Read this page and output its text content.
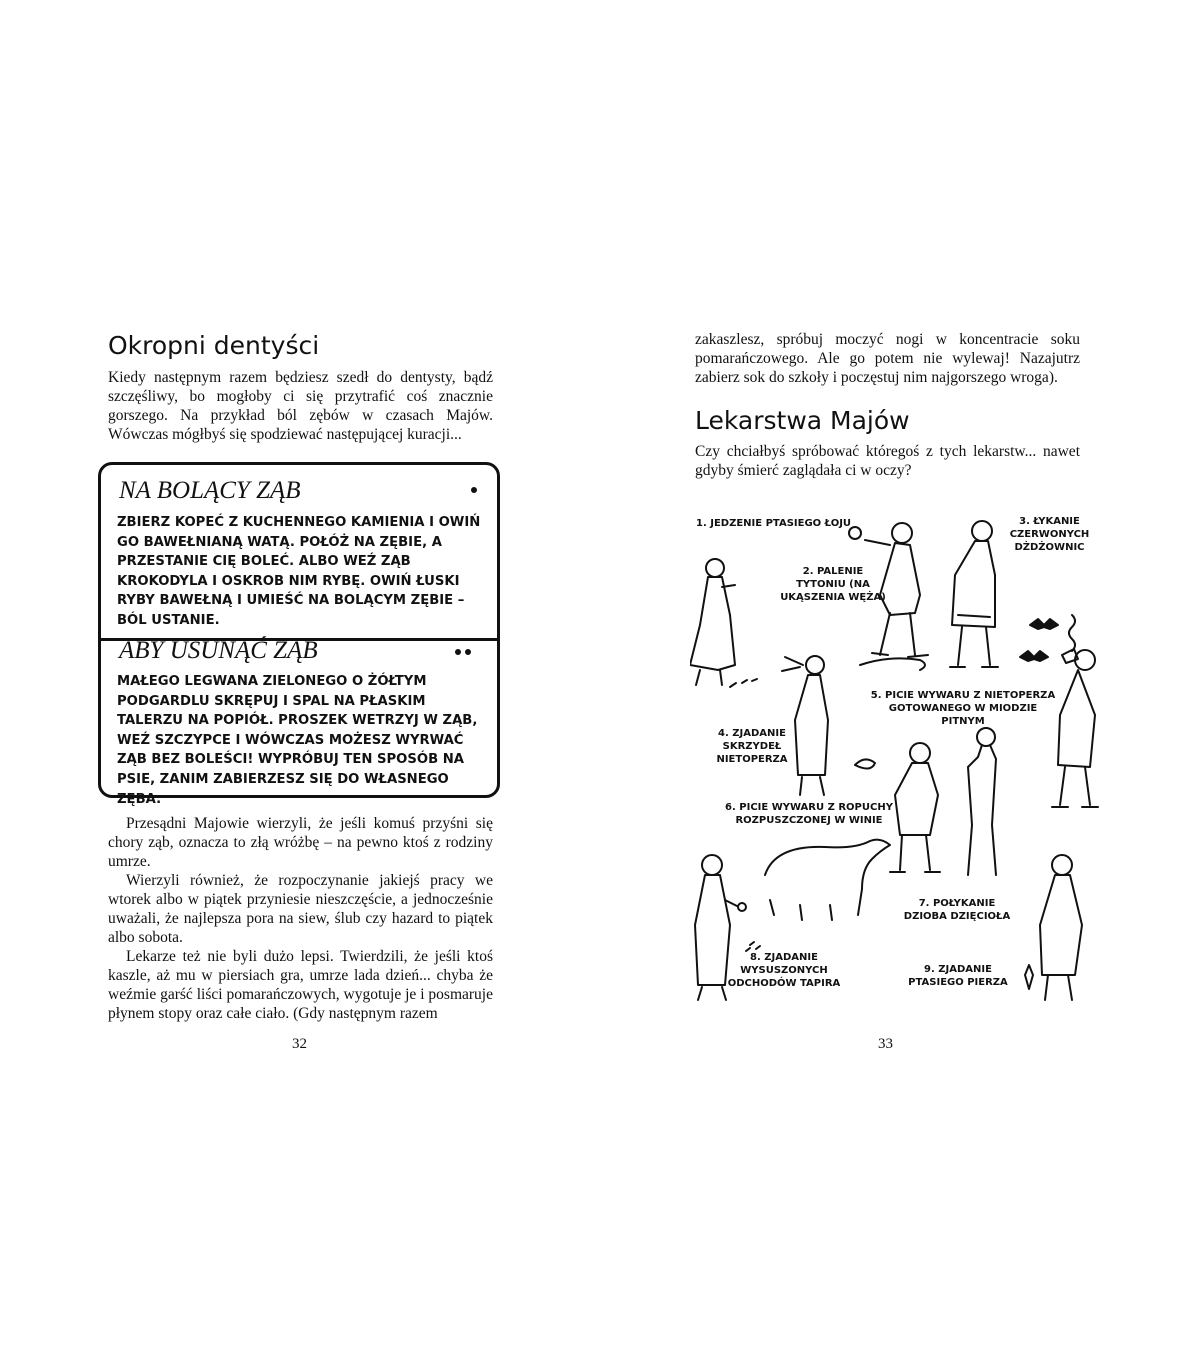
Okropni dentyści

Kiedy następnym razem będziesz szedł do dentysty, bądź szczęśliwy, bo mogłoby ci się przytrafić coś znacznie gorszego. Na przykład ból zębów w czasach Majów. Wówczas mógłbyś się spodziewać następującej kuracji...

NA BOLĄCY ZĄB

ZBIERZ KOPEĆ Z KUCHENNEGO KAMIENIA I OWIŃ GO BAWEŁNIANĄ WATĄ. POŁÓŻ NA ZĘBIE, A PRZESTANIE CIĘ BOLEĆ. ALBO WEŹ ZĄB KROKODYLA I OSKROB NIM RYBĘ. OWIŃ ŁUSKI RYBY BAWEŁNĄ I UMIEŚĆ NA BOLĄCYM ZĘBIE – BÓL USTANIE.

ABY USUNĄĆ ZĄB

MAŁEGO LEGWANA ZIELONEGO O ŻÓŁTYM PODGARDLU SKRĘPUJ I SPAL NA PŁASKIM TALERZU NA POPIÓŁ. PROSZEK WETRZYJ W ZĄB, WEŹ SZCZYPCE I WÓWCZAS MOŻESZ WYRWAĆ ZĄB BEZ BOLEŚCI! WYPRÓBUJ TEN SPOSÓB NA PSIE, ZANIM ZABIERZESZ SIĘ DO WŁASNEGO ZĘBA.

Przesądni Majowie wierzyli, że jeśli komuś przyśni się chory ząb, oznacza to złą wróżbę – na pewno ktoś z rodziny umrze.

Wierzyli również, że rozpoczynanie jakiejś pracy we wtorek albo w piątek przyniesie nieszczęście, a jednocześnie uważali, że najlepsza pora na siew, ślub czy hazard to piątek albo sobota.

Lekarze też nie byli dużo lepsi. Twierdzili, że jeśli ktoś kaszle, aż mu w piersiach gra, umrze lada dzień... chyba że weźmie garść liści pomarańczowych, wygotuje je i posmaruje płynem stopy oraz całe ciało. (Gdy następnym razem

32

zakaszlesz, spróbuj moczyć nogi w koncentracie soku pomarańczowego. Ale go potem nie wylewaj! Nazajutrz zabierz sok do szkoły i poczęstuj nim najgorszego wroga).

Lekarstwa Majów

Czy chciałbyś spróbować któregoś z tych lekarstw... nawet gdyby śmierć zaglądała ci w oczy?

33
1. JEDZENIE PTASIEGO ŁOJU
2. PALENIE TYTONIU (NA UKĄSZENIA WĘŻA)
3. ŁYKANIE CZERWONYCH DŻDŻOWNIC
4. ZJADANIE SKRZYDEŁ NIETOPERZA
5. PICIE WYWARU Z NIETOPERZA GOTOWANEGO W MIODZIE PITNYM
6. PICIE WYWARU Z ROPUCHY ROZPUSZCZONEJ W WINIE
7. POŁYKANIE DZIOBA DZIĘCIOŁA
8. ZJADANIE WYSUSZONYCH ODCHODÓW TAPIRA
9. ZJADANIE PTASIEGO PIERZA
